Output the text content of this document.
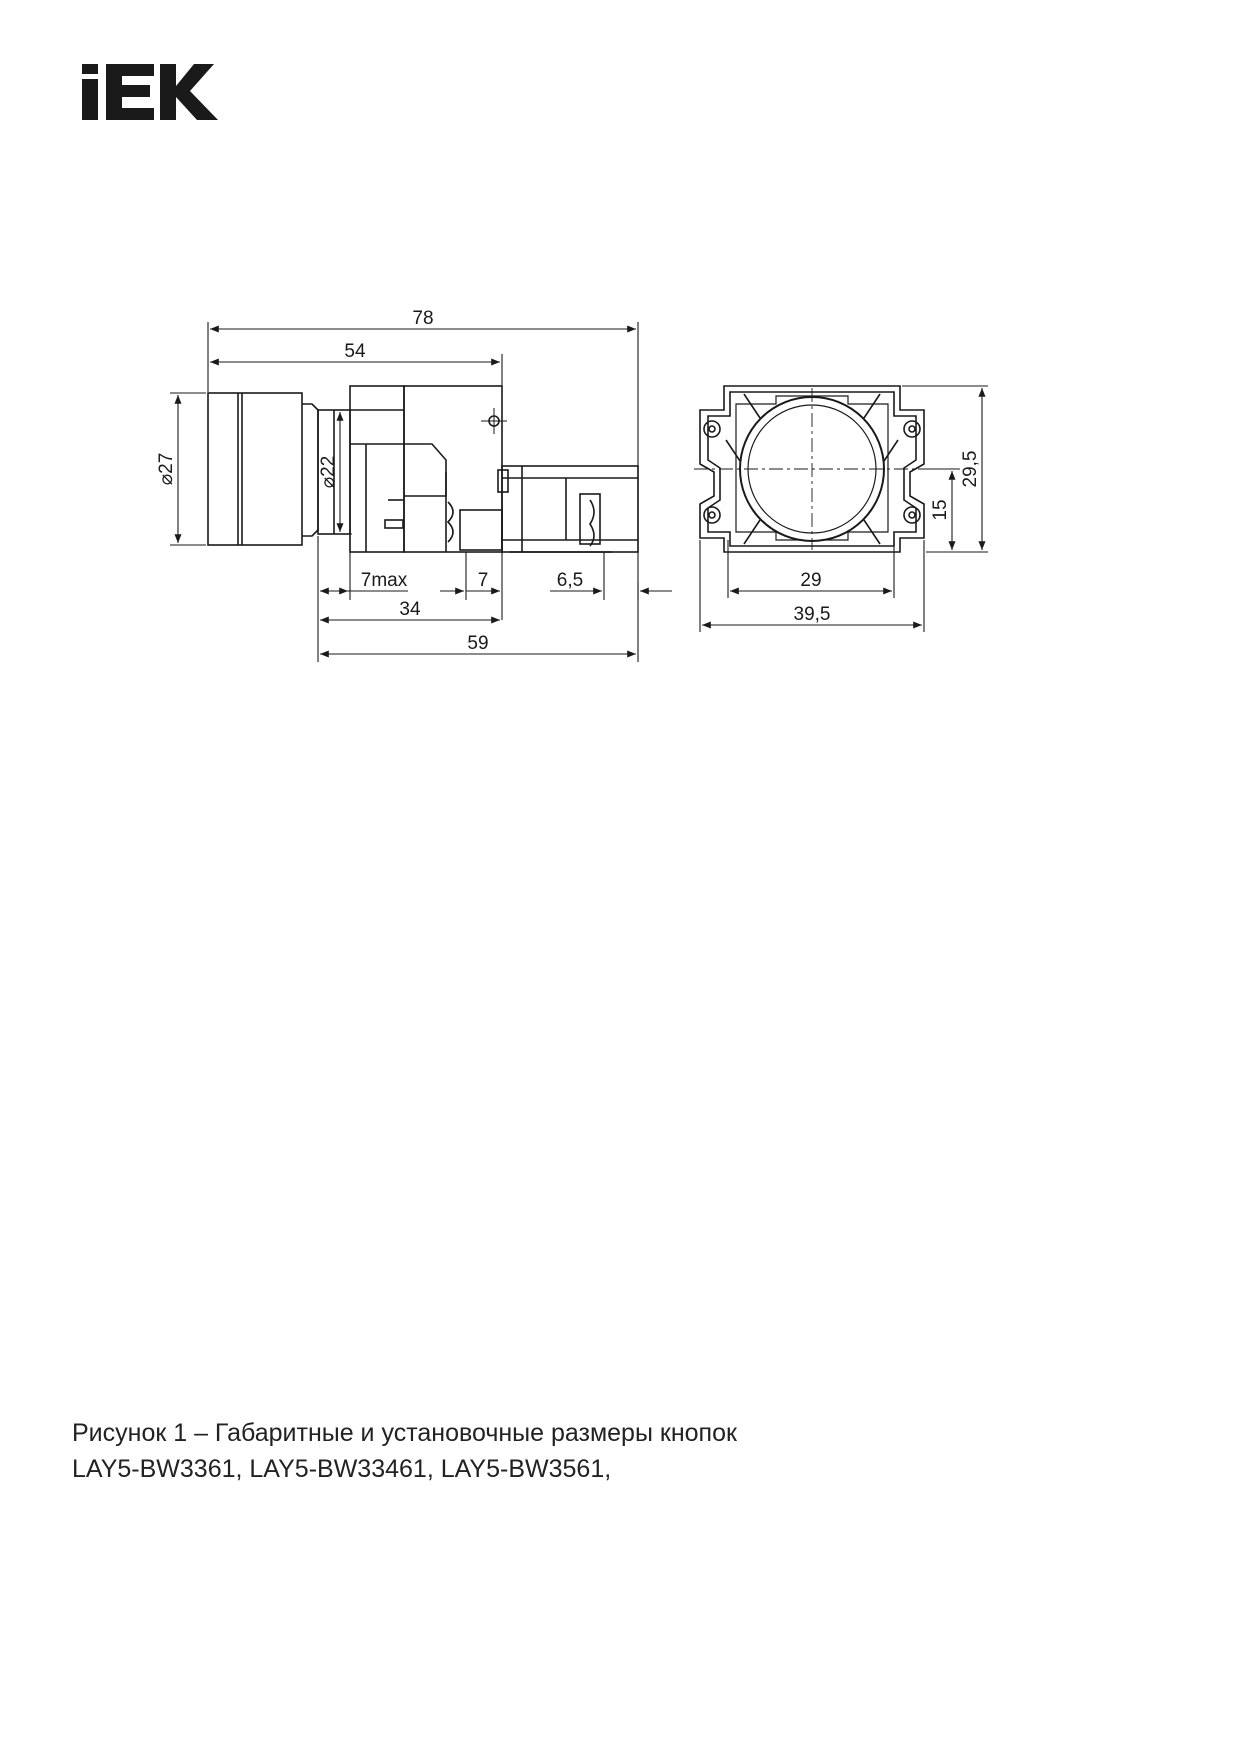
78
54
⌀27	⌀22
7max	7	6,5
34
59
29
39,5
29,5
15
Рисунок 1 – Габаритные и установочные размеры кнопок
LAY5-BW3361, LAY5-BW33461, LAY5-BW3561,
